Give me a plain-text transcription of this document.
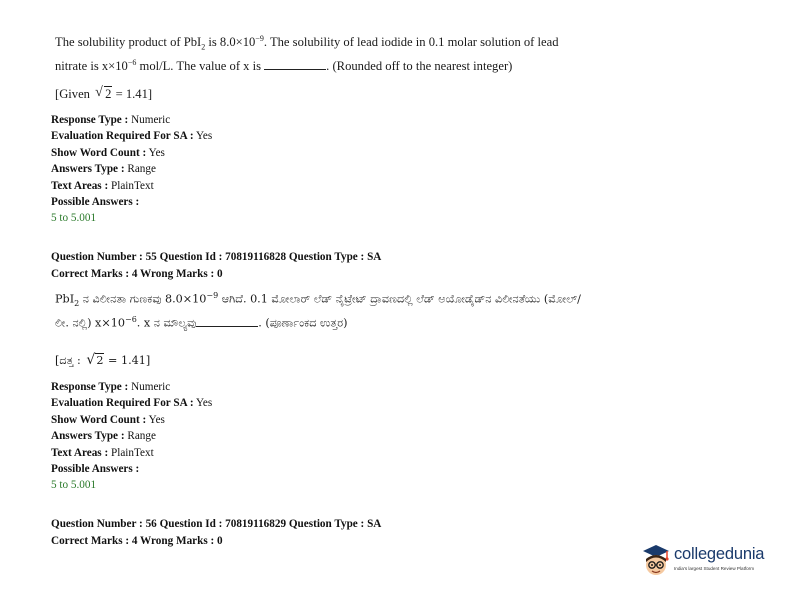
The solubility product of PbI$_2$ is $8.0\times 10^{-9}$. The solubility of lead iodide in 0.1 molar solution of lead nitrate is $x\times 10^{-6}$ mol/L. The value of x is	. (Rounded off to the nearest integer)
[Given √ 2 = 1.41]
Response Type : Numeric
Evaluation Required For SA : Yes
Show Word Count : Yes
Answers Type : Range
Text Areas : PlainText
Possible Answers :
5 to 5.001
Question Number : 55 Question Id : 70819116828 Question Type : SA
Correct Marks : 4 Wrong Marks : 0
PbI$_2$ ನ ವಿಲೀನತಾ ಗುಣಕವು $8.0\times 10^{-9}$ ಆಗಿದೆ. 0.1 ಮೋಲಾರ್ ಲೆಡ್ ನೈಟ್ರೇಟ್ ದ್ರಾವಣದಲ್ಲಿ ಲೆಡ್ ಅಯೋಡೈಡ್‌ನ ವಿಲೀನತೆಯು (ಮೋಲ್/ಲೀ. ನಲ್ಲಿ) $x\times 10^{-6}$. x ನ ಮೌಲ್ಯವು	. (ಪೂರ್ಣಾಂಕದ ಉತ್ತರ)
[ದತ್ತ : √ 2 = 1.41]
Response Type : Numeric
Evaluation Required For SA : Yes
Show Word Count : Yes
Answers Type : Range
Text Areas : PlainText
Possible Answers :
5 to 5.001
Question Number : 56 Question Id : 70819116829 Question Type : SA
Correct Marks : 4 Wrong Marks : 0
collegedunia
India's largest Student Review Platform
